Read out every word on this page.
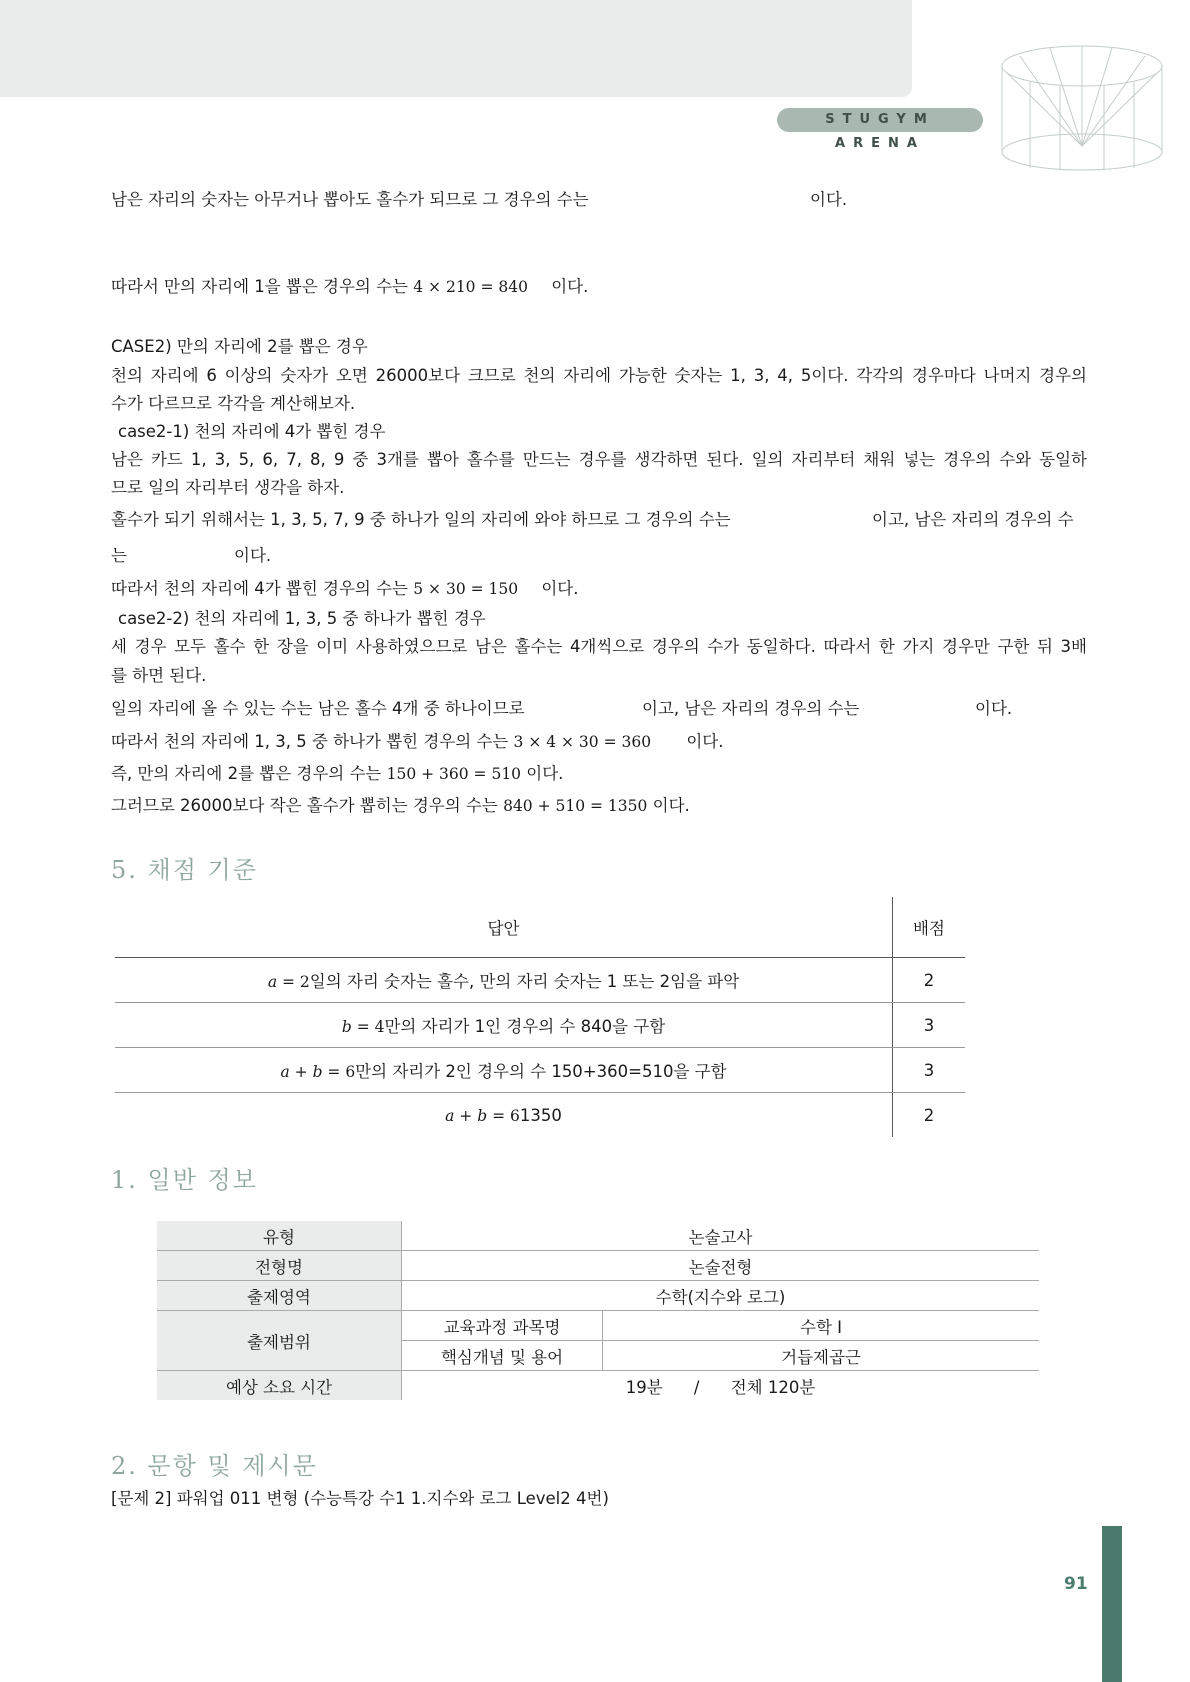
STUGYM ARENA
남은 자리의 숫자는 아무거나 뽑아도 홀수가 되므로 그 경우의 수는	이다.
따라서 만의 자리에 1을 뽑은 경우의 수는 4 × 210 = 840 이다.
CASE2) 만의 자리에 2를 뽑은 경우
천의 자리에 6 이상의 숫자가 오면 26000보다 크므로 천의 자리에 가능한 숫자는 1, 3, 4, 5이다. 각각의 경우마다 나머지 경우의
수가 다르므로 각각을 계산해보자.
case2-1) 천의 자리에 4가 뽑힌 경우
남은 카드 1, 3, 5, 6, 7, 8, 9 중 3개를 뽑아 홀수를 만드는 경우를 생각하면 된다. 일의 자리부터 채워 넣는 경우의 수와 동일하
므로 일의 자리부터 생각을 하자.
홀수가 되기 위해서는 1, 3, 5, 7, 9 중 하나가 일의 자리에 와야 하므로 그 경우의 수는	이고, 남은 자리의 경우의 수
는	이다.
따라서 천의 자리에 4가 뽑힌 경우의 수는 5 × 30 = 150 이다.
case2-2) 천의 자리에 1, 3, 5 중 하나가 뽑힌 경우
세 경우 모두 홀수 한 장을 이미 사용하였으므로 남은 홀수는 4개씩으로 경우의 수가 동일하다. 따라서 한 가지 경우만 구한 뒤 3배
를 하면 된다.
일의 자리에 올 수 있는 수는 남은 홀수 4개 중 하나이므로	이고, 남은 자리의 경우의 수는	이다.
따라서 천의 자리에 1, 3, 5 중 하나가 뽑힌 경우의 수는 3 × 4 × 30 = 360 이다.
즉, 만의 자리에 2를 뽑은 경우의 수는 150 + 360 = 510 이다.
그러므로 26000보다 작은 홀수가 뽑히는 경우의 수는 840 + 510 = 1350 이다.
5. 채점 기준
답안	배점
a = 2일의 자리 숫자는 홀수, 만의 자리 숫자는 1 또는 2임을 파악	2
b = 4만의 자리가 1인 경우의 수 840을 구함	3
a + b = 6만의 자리가 2인 경우의 수 150+360=510을 구함	3
a + b = 61350	2
1. 일반 정보
유형	논술고사	
전형명	논술전형	
출제영역	수학(지수와 로그)	
출제범위	교육과정 과목명	수학 Ⅰ
	핵심개념 및 용어	거듭제곱근
예상 소요 시간	19분 / 전체 120분	
2. 문항 및 제시문
[문제 2] 파워업 011 변형 (수능특강 수1 1.지수와 로그 Level2 4번)
91
